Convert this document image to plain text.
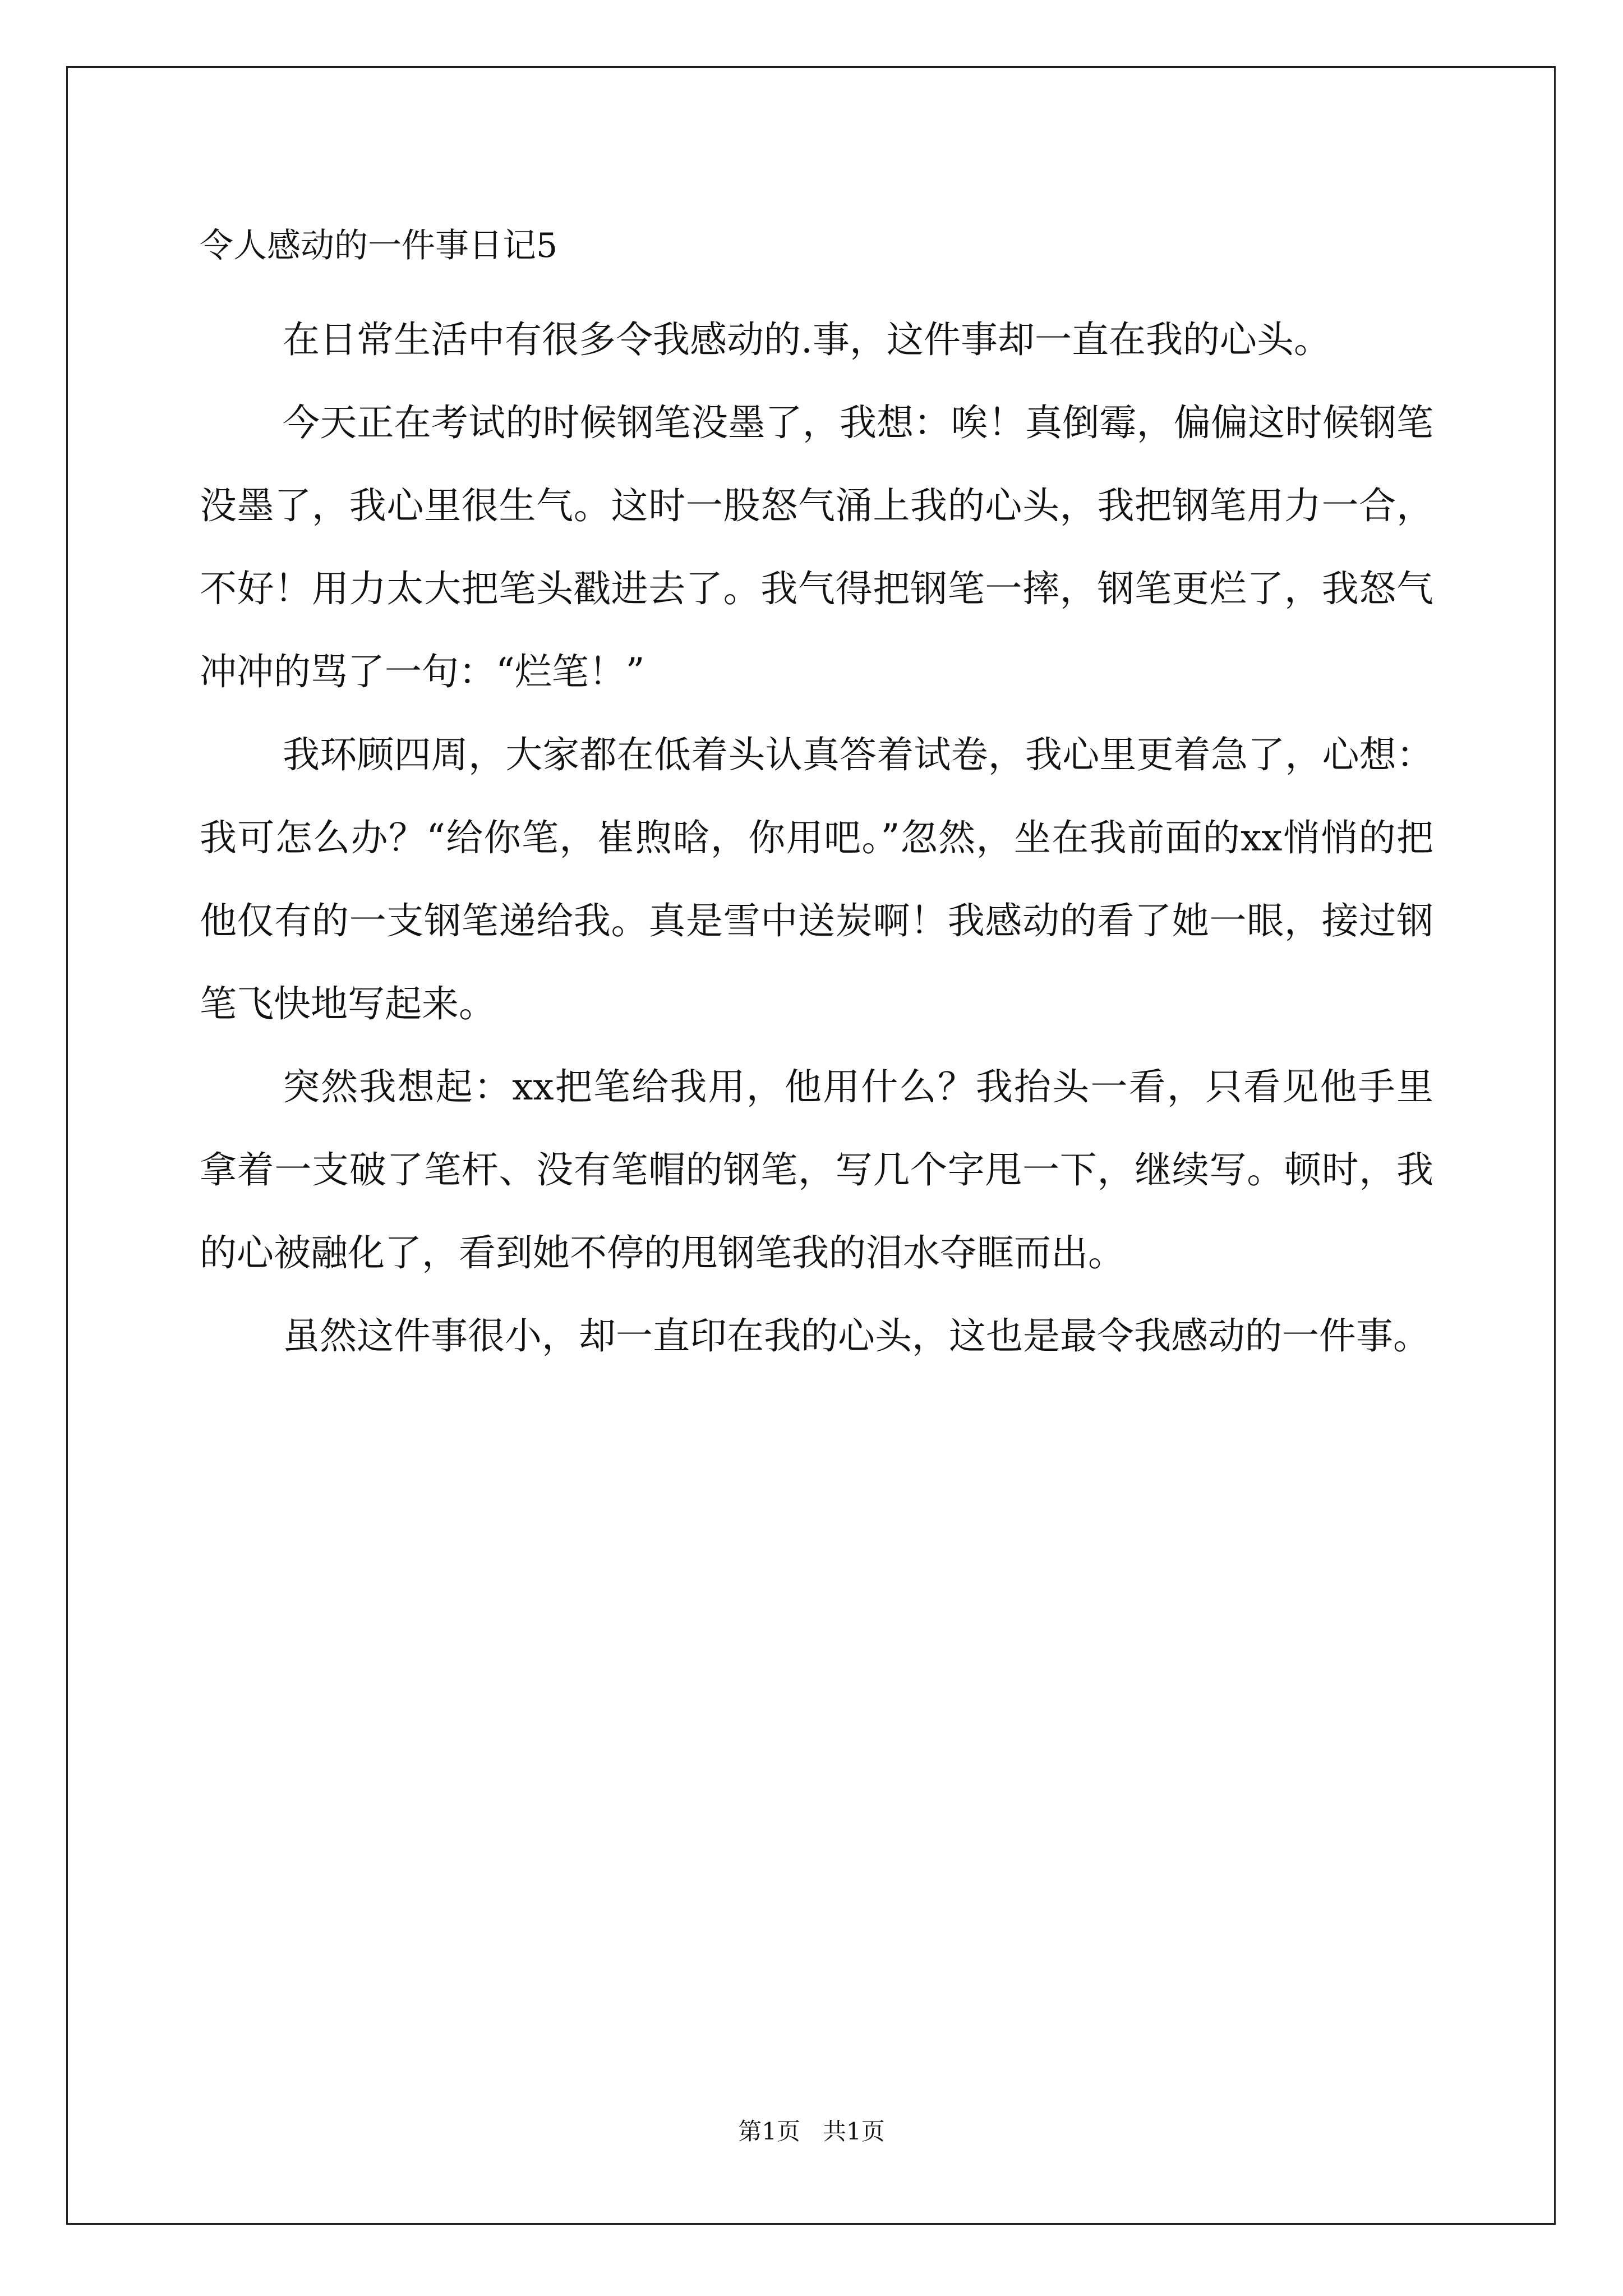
令人感动的一件事日记5

在日常生活中有很多令我感动的.事，这件事却一直在我的心头。

今天正在考试的时候钢笔没墨了，我想：唉！真倒霉，偏偏这时候钢笔没墨了，我心里很生气。这时一股怒气涌上我的心头，我把钢笔用力一合，不好！用力太大把笔头戳进去了。我气得把钢笔一摔，钢笔更烂了，我怒气冲冲的骂了一句：“烂笔！”

我环顾四周，大家都在低着头认真答着试卷，我心里更着急了，心想：我可怎么办？“给你笔，崔煦晗，你用吧。”忽然，坐在我前面的xx悄悄的把他仅有的一支钢笔递给我。真是雪中送炭啊！我感动的看了她一眼，接过钢笔飞快地写起来。

突然我想起：xx把笔给我用，他用什么？我抬头一看，只看见他手里拿着一支破了笔杆、没有笔帽的钢笔，写几个字甩一下，继续写。顿时，我的心被融化了，看到她不停的甩钢笔我的泪水夺眶而出。

虽然这件事很小，却一直印在我的心头，这也是最令我感动的一件事。

第1页   共1页
